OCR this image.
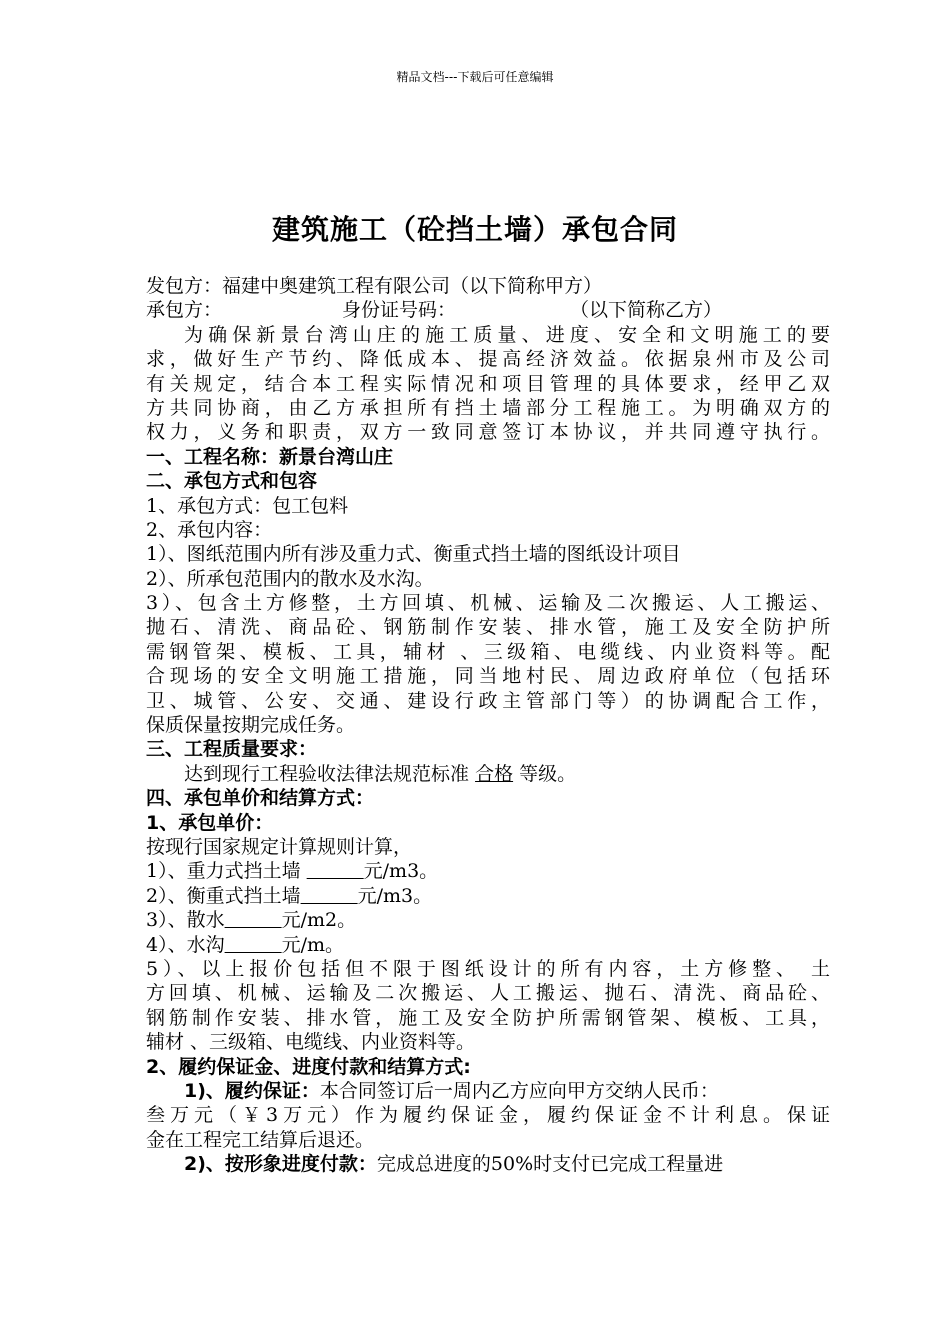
精品文档---下载后可任意编辑
建筑施工（砼挡土墙）承包合同
发包方：福建中奥建筑工程有限公司（以下简称甲方）
承包方：	身份证号码：	（以下简称乙方）
为确保新景台湾山庄的施工质量、进度、安全和文明施工的要
求，做好生产节约、降低成本、提高经济效益。依据泉州市及公司
有关规定，结合本工程实际情况和项目管理的具体要求，经甲乙双
方共同协商，由乙方承担所有挡土墙部分工程施工。为明确双方的
权力，义务和职责，双方一致同意签订本协议，并共同遵守执行。
一、工程名称：新景台湾山庄
二、承包方式和包容
1、承包方式：包工包料
2、承包内容：
1）、图纸范围内所有涉及重力式、衡重式挡土墙的图纸设计项目
2）、所承包范围内的散水及水沟。
3）、包含土方修整，土方回填、机械、运输及二次搬运、人工搬运、
抛石、清洗、商品砼、钢筋制作安装、排水管，施工及安全防护所
需钢管架、模板、工具，辅材 、三级箱、电缆线、内业资料等。配
合现场的安全文明施工措施，同当地村民、周边政府单位（包括环
卫、城管、公安、交通、建设行政主管部门等）的协调配合工作，
保质保量按期完成任务。
三、工程质量要求：
达到现行工程验收法律法规范标准 合格 等级。
四、承包单价和结算方式：
1、承包单价：
按现行国家规定计算规则计算，
1）、重力式挡土墙 　　　	元/m3。
2）、衡重式挡土墙　　　	元/m3。
3）、散水　　　	元/m2。
4）、水沟　　　	元/m。
5）、以上报价包括但不限于图纸设计的所有内容，土方修整、 土
方回填、机械、运输及二次搬运、人工搬运、抛石、清洗、商品砼、
钢筋制作安装、排水管，施工及安全防护所需钢管架、模板、工具，
辅材 、三级箱、电缆线、内业资料等。
2、履约保证金、进度付款和结算方式:
1)、履约保证：本合同签订后一周内乙方应向甲方交纳人民币：
叁万元（￥3万元）作为履约保证金，履约保证金不计利息。保证
金在工程完工结算后退还。
2)、按形象进度付款：完成总进度的50%时支付已完成工程量进
